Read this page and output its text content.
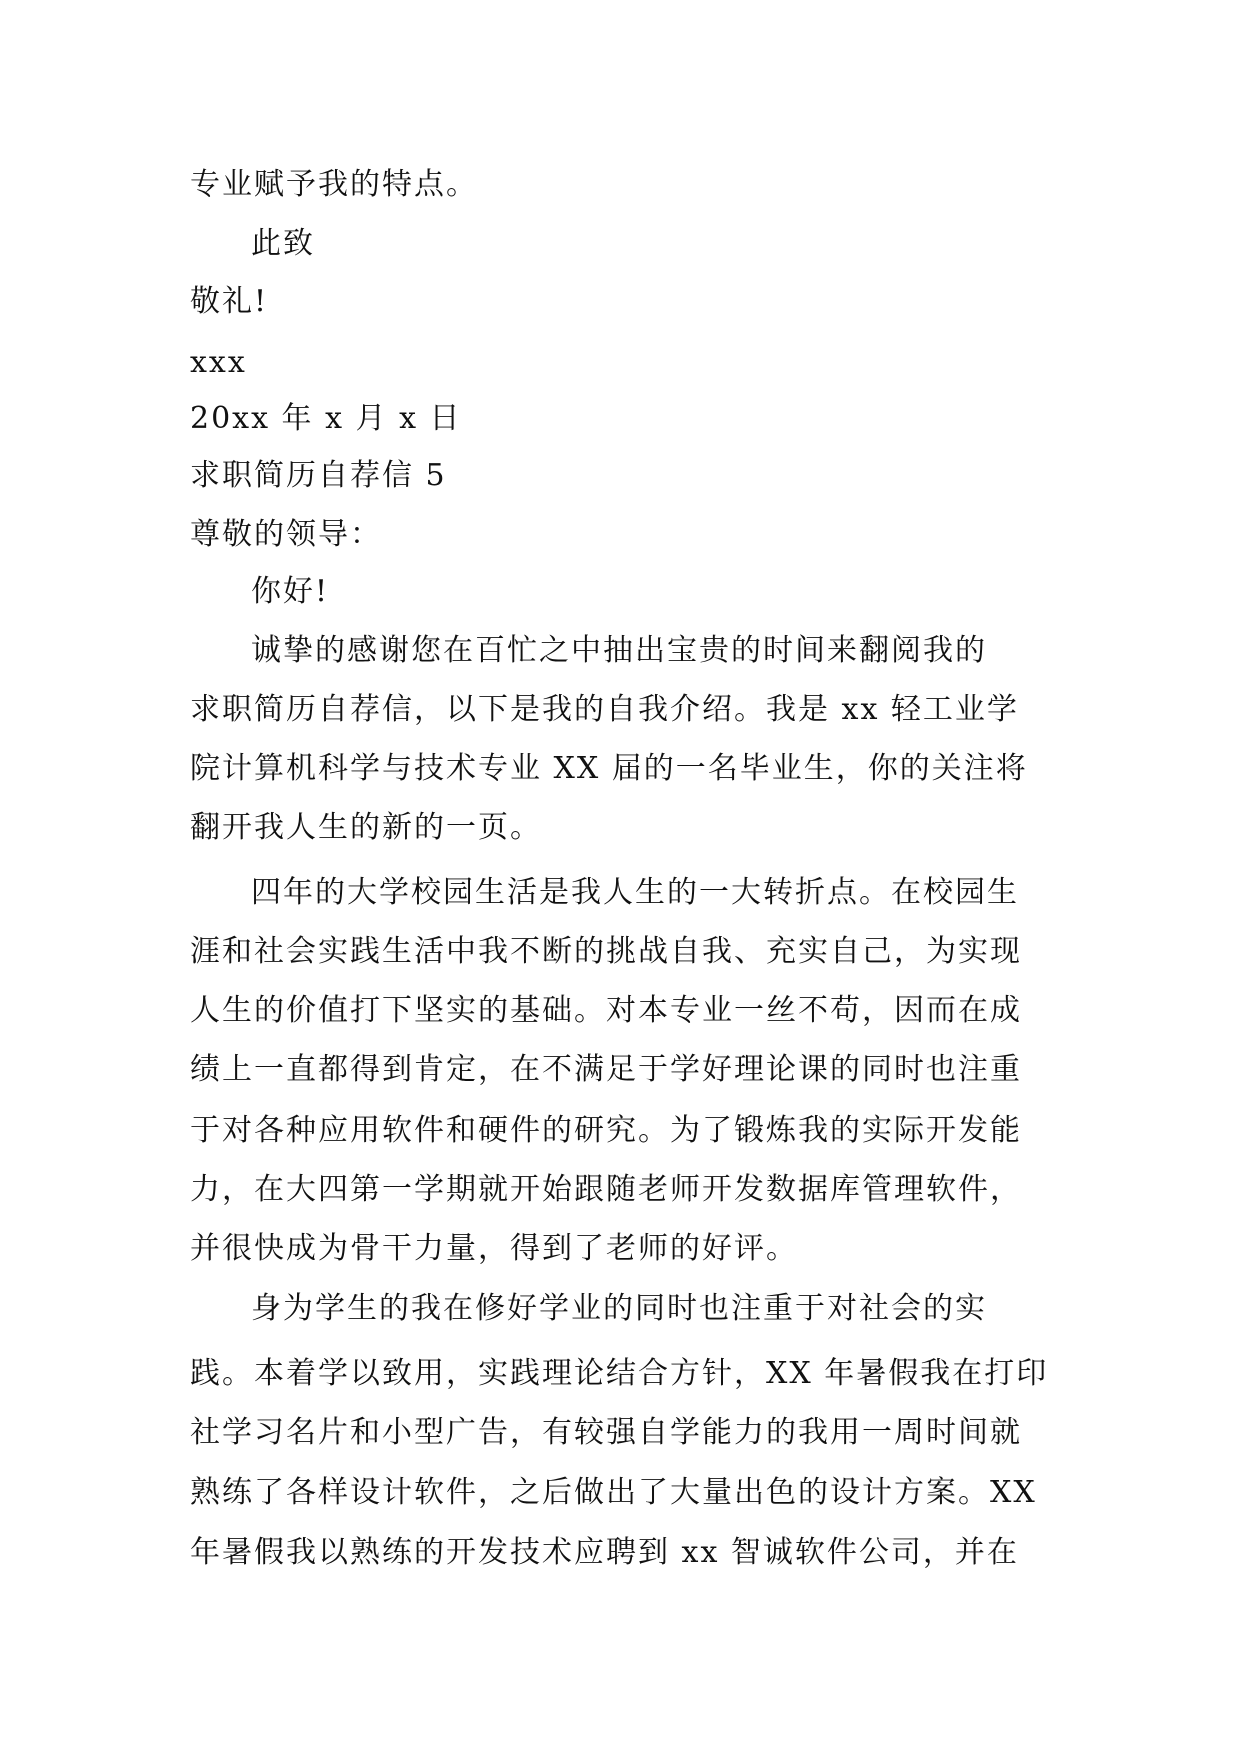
专业赋予我的特点。

此致

敬礼!

xxx

20xx 年 x 月 x 日

求职简历自荐信 5

尊敬的领导：

你好!

诚挚的感谢您在百忙之中抽出宝贵的时间来翻阅我的

求职简历自荐信，以下是我的自我介绍。我是 xx 轻工业学

院计算机科学与技术专业 XX 届的一名毕业生，你的关注将

翻开我人生的新的一页。

四年的大学校园生活是我人生的一大转折点。在校园生

涯和社会实践生活中我不断的挑战自我、充实自己，为实现

人生的价值打下坚实的基础。对本专业一丝不苟，因而在成

绩上一直都得到肯定，在不满足于学好理论课的同时也注重

于对各种应用软件和硬件的研究。为了锻炼我的实际开发能

力，在大四第一学期就开始跟随老师开发数据库管理软件，

并很快成为骨干力量，得到了老师的好评。

身为学生的我在修好学业的同时也注重于对社会的实

践。本着学以致用，实践理论结合方针，XX 年暑假我在打印

社学习名片和小型广告，有较强自学能力的我用一周时间就

熟练了各样设计软件，之后做出了大量出色的设计方案。XX

年暑假我以熟练的开发技术应聘到 xx 智诚软件公司，并在
